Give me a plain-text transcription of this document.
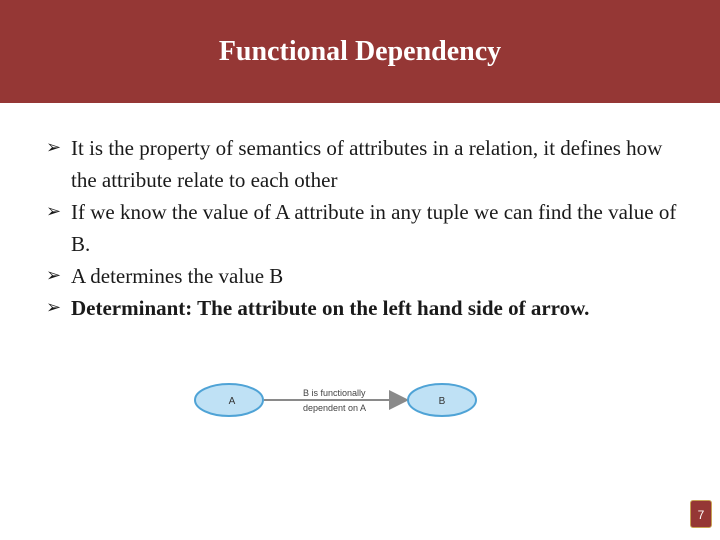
Functional Dependency
➢ It is the property of semantics of attributes in a relation, it defines how the attribute relate to each other
➢ If we know the value of A attribute in any tuple we can find the value of B.
➢ A determines the value B
➢ Determinant: The attribute on the left hand side of arrow.
A
B is functionally
dependent on A
B
7
